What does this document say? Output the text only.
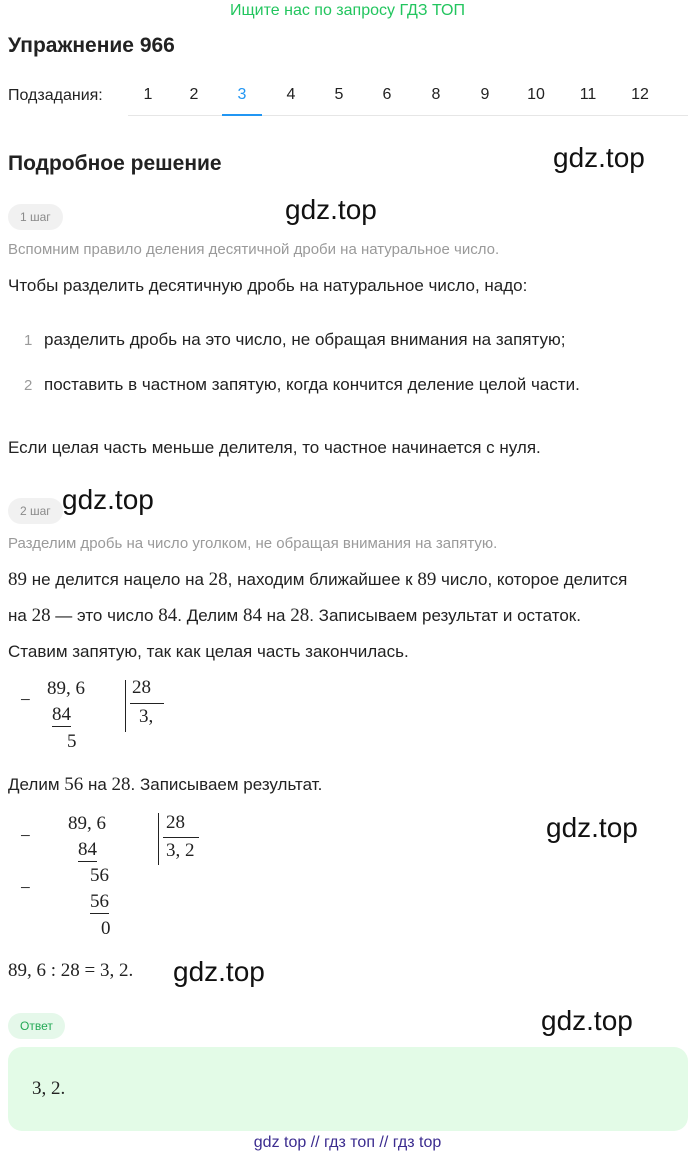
Ищите нас по запросу ГДЗ ТОП
Упражнение 966
Подзадания:	1	2	3	4	5	6	8	9	10	11	12
Подробное решение	gdz.top
1 шаг	gdz.top
Вспомним правило деления десятичной дроби на натуральное число.
Чтобы разделить десятичную дробь на натуральное число, надо:
1 разделить дробь на это число, не обращая внимания на запятую;
2 поставить в частном запятую, когда кончится деление целой части.
Если целая часть меньше делителя, то частное начинается с нуля.
2 шаг gdz.top
Разделим дробь на число уголком, не обращая внимания на запятую.
89 не делится нацело на 28, находим ближайшее к 89 число, которое делится
на 28 — это число 84. Делим 84 на 28. Записываем результат и остаток.
Ставим запятую, так как целая часть закончилась.
−
89, 6
84
5
28
3,
Делим 56 на 28. Записываем результат.
−
89, 6
84
56
−
56
0
28
3, 2
gdz.top
89, 6 : 28 = 3, 2. gdz.top
Ответ	gdz.top
3, 2.
gdz top // гдз топ // гдз top
